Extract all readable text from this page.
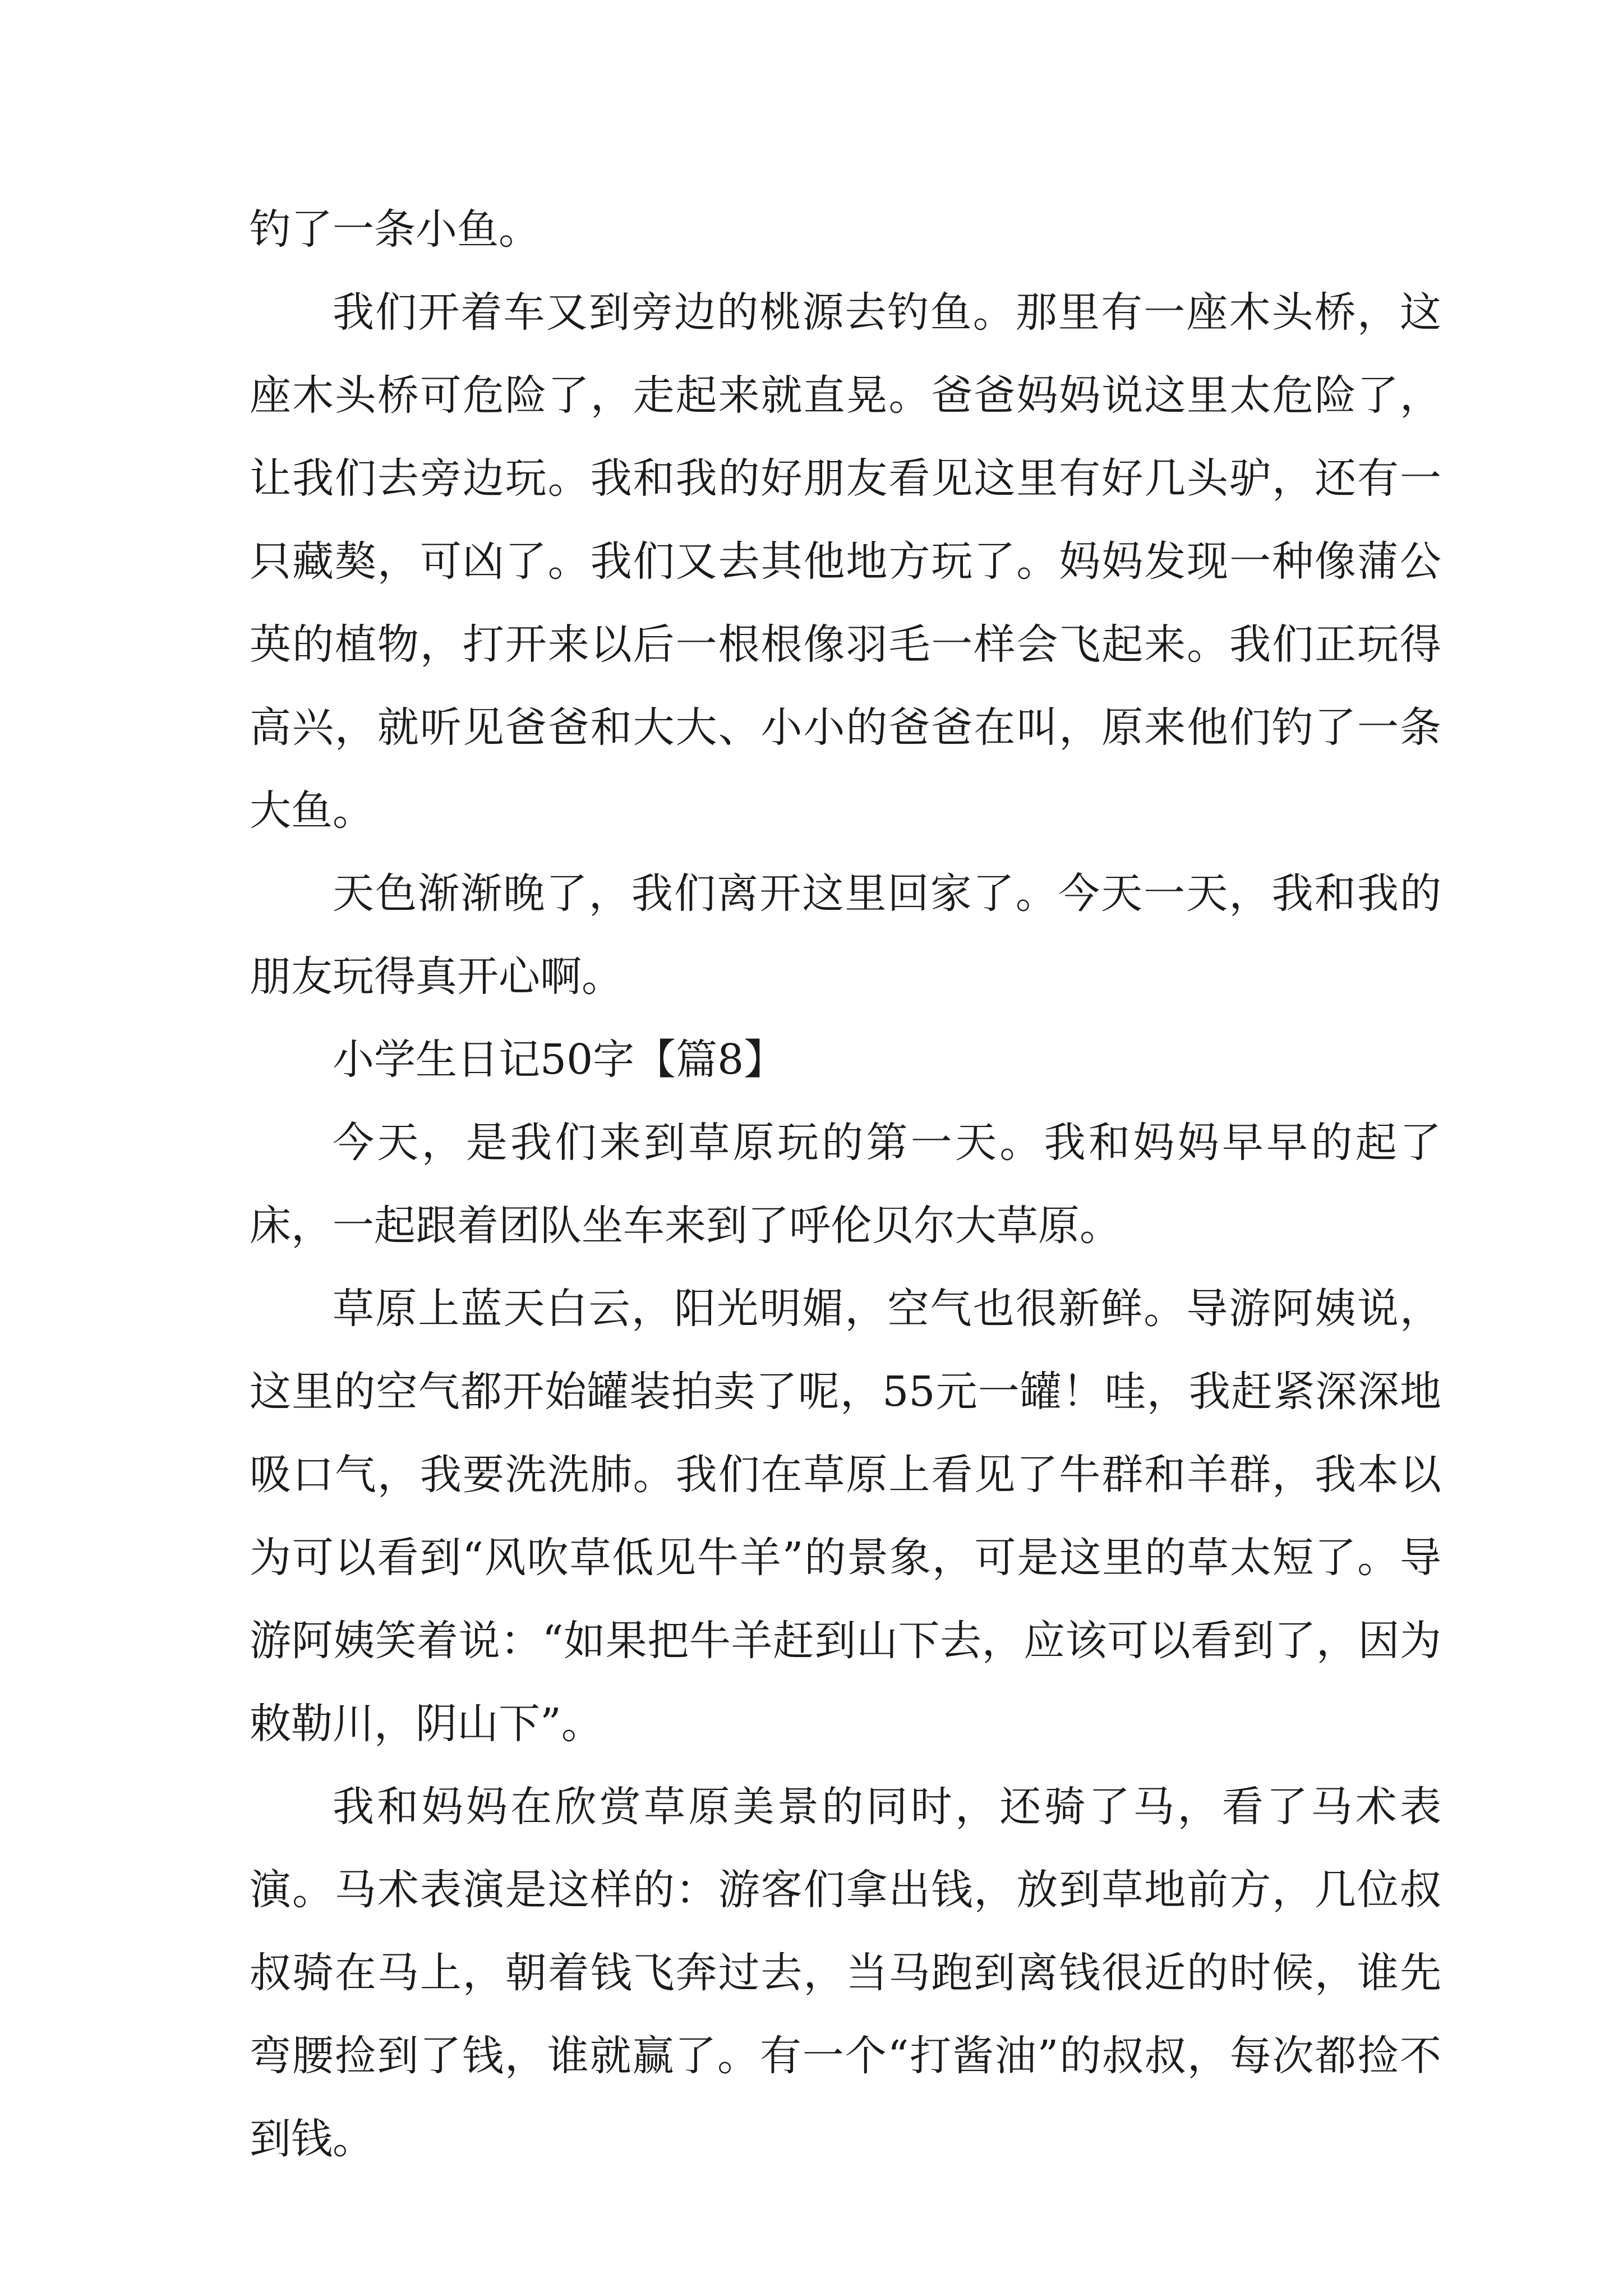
钓了一条小鱼。

我们开着车又到旁边的桃源去钓鱼。那里有一座木头桥，这座木头桥可危险了，走起来就直晃。爸爸妈妈说这里太危险了，让我们去旁边玩。我和我的好朋友看见这里有好几头驴，还有一只藏獒，可凶了。我们又去其他地方玩了。妈妈发现一种像蒲公英的植物，打开来以后一根根像羽毛一样会飞起来。我们正玩得高兴，就听见爸爸和大大、小小的爸爸在叫，原来他们钓了一条大鱼。

天色渐渐晚了，我们离开这里回家了。今天一天，我和我的朋友玩得真开心啊。

小学生日记50字【篇8】

今天，是我们来到草原玩的第一天。我和妈妈早早的起了床，一起跟着团队坐车来到了呼伦贝尔大草原。

草原上蓝天白云，阳光明媚，空气也很新鲜。导游阿姨说，这里的空气都开始罐装拍卖了呢，55元一罐！哇，我赶紧深深地吸口气，我要洗洗肺。我们在草原上看见了牛群和羊群，我本以为可以看到“风吹草低见牛羊”的景象，可是这里的草太短了。导游阿姨笑着说：“如果把牛羊赶到山下去，应该可以看到了，因为敕勒川，阴山下”。

我和妈妈在欣赏草原美景的同时，还骑了马，看了马术表演。马术表演是这样的：游客们拿出钱，放到草地前方，几位叔叔骑在马上，朝着钱飞奔过去，当马跑到离钱很近的时候，谁先弯腰捡到了钱，谁就赢了。有一个“打酱油”的叔叔，每次都捡不到钱。
